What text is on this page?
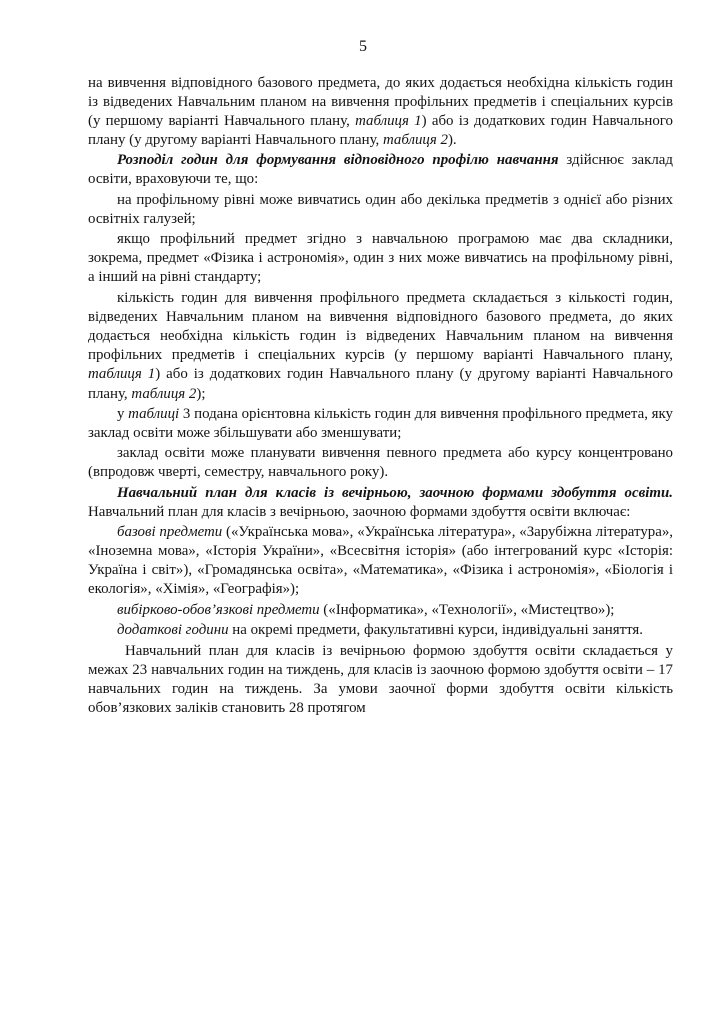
5

на вивчення відповідного базового предмета, до яких додається необхідна кількість годин із відведених Навчальним планом на вивчення профільних предметів і спеціальних курсів (у першому варіанті Навчального плану, таблиця 1) або із додаткових годин Навчального плану (у другому варіанті Навчального плану, таблиця 2).

Розподіл годин для формування відповідного профілю навчання здійснює заклад освіти, враховуючи те, що:

на профільному рівні може вивчатись один або декілька предметів з однієї або різних освітніх галузей;

якщо профільний предмет згідно з навчальною програмою має два складники, зокрема, предмет «Фізика і астрономія», один з них може вивчатись на профільному рівні, а інший на рівні стандарту;

кількість годин для вивчення профільного предмета складається з кількості годин, відведених Навчальним планом на вивчення відповідного базового предмета, до яких додається необхідна кількість годин із відведених Навчальним планом на вивчення профільних предметів і спеціальних курсів (у першому варіанті Навчального плану, таблиця 1) або із додаткових годин Навчального плану (у другому варіанті Навчального плану, таблиця 2);

у таблиці 3 подана орієнтовна кількість годин для вивчення профільного предмета, яку заклад освіти може збільшувати або зменшувати;

заклад освіти може планувати вивчення певного предмета або курсу концентровано (впродовж чверті, семестру, навчального року).

Навчальний план для класів із вечірньою, заочною формами здобуття освіти. Навчальний план для класів з вечірньою, заочною формами здобуття освіти включає:

базові предмети («Українська мова», «Українська література», «Зарубіжна література», «Іноземна мова», «Історія України», «Всесвітня історія» (або інтегрований курс «Історія: Україна і світ»), «Громадянська освіта», «Математика», «Фізика і астрономія», «Біологія і екологія», «Хімія», «Географія»);

вибірково-обов’язкові предмети («Інформатика», «Технології», «Мистецтво»);

додаткові години на окремі предмети, факультативні курси, індивідуальні заняття.

Навчальний план для класів із вечірньою формою здобуття освіти складається у межах 23 навчальних годин на тиждень, для класів із заочною формою здобуття освіти – 17 навчальних годин на тиждень. За умови заочної форми здобуття освіти кількість обов’язкових заліків становить 28 протягом
